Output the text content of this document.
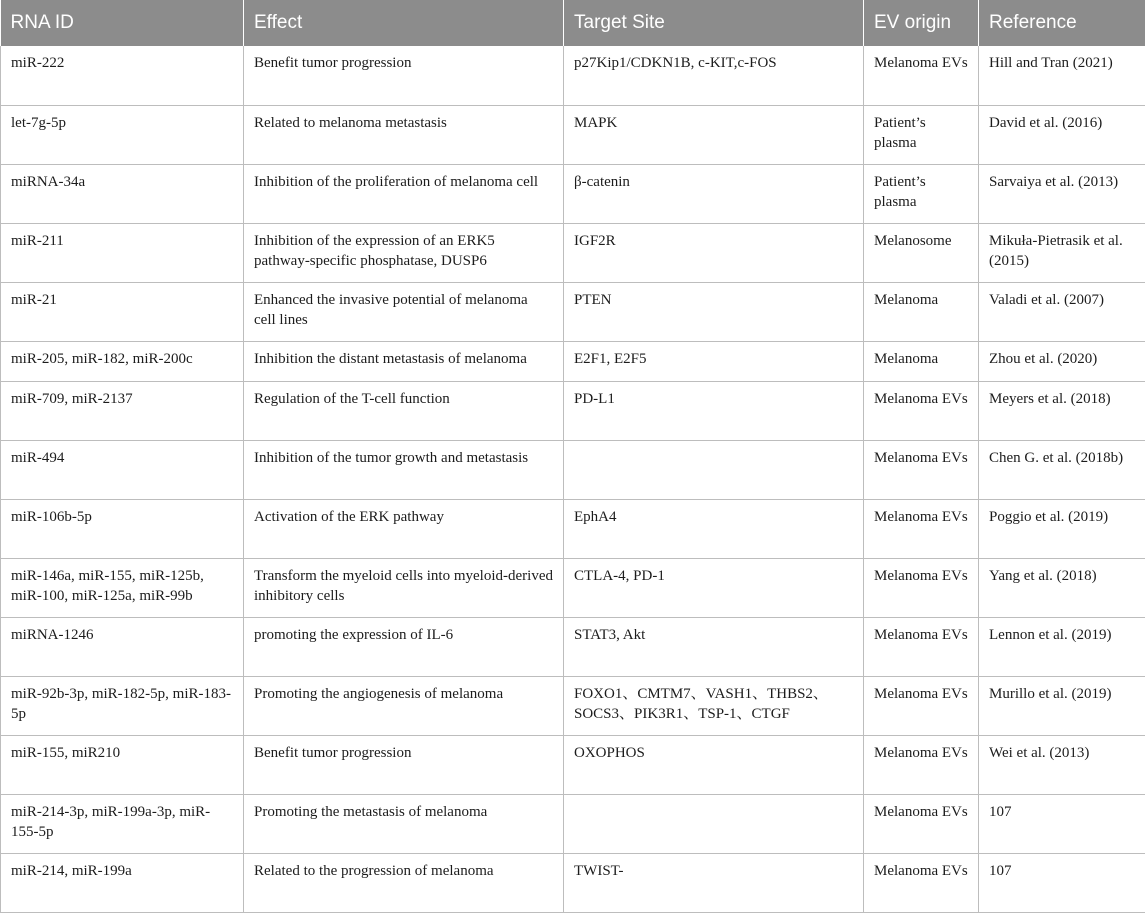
RNA ID	Effect	Target Site	EV origin	Reference
miR-222	Benefit tumor progression	p27Kip1/CDKN1B, c-KIT,c-FOS	Melanoma EVs	Hill and Tran (2021)
let-7g-5p	Related to melanoma metastasis	MAPK	Patient’s plasma	David et al. (2016)
miRNA-34a	Inhibition of the proliferation of melanoma cell	β-catenin	Patient’s plasma	Sarvaiya et al. (2013)
miR-211	Inhibition of the expression of an ERK5 pathway-specific phosphatase, DUSP6	IGF2R	Melanosome	Mikuła-Pietrasik et al. (2015)
miR-21	Enhanced the invasive potential of melanoma cell lines	PTEN	Melanoma	Valadi et al. (2007)
miR-205, miR-182, miR-200c	Inhibition the distant metastasis of melanoma	E2F1, E2F5	Melanoma	Zhou et al. (2020)
miR-709, miR-2137	Regulation of the T-cell function	PD-L1	Melanoma EVs	Meyers et al. (2018)
miR-494	Inhibition of the tumor growth and metastasis		Melanoma EVs	Chen G. et al. (2018b)
miR-106b-5p	Activation of the ERK pathway	EphA4	Melanoma EVs	Poggio et al. (2019)
miR-146a, miR-155, miR-125b, miR-100, miR-125a, miR-99b	Transform the myeloid cells into myeloid-derived inhibitory cells	CTLA-4, PD-1	Melanoma EVs	Yang et al. (2018)
miRNA-1246	promoting the expression of IL-6	STAT3, Akt	Melanoma EVs	Lennon et al. (2019)
miR-92b-3p, miR-182-5p, miR-183-5p	Promoting the angiogenesis of melanoma	FOXO1、CMTM7、VASH1、THBS2、SOCS3、PIK3R1、TSP-1、CTGF	Melanoma EVs	Murillo et al. (2019)
miR-155, miR210	Benefit tumor progression	OXOPHOS	Melanoma EVs	Wei et al. (2013)
miR-214-3p, miR-199a-3p, miR-155-5p	Promoting the metastasis of melanoma		Melanoma EVs	107
miR-214, miR-199a	Related to the progression of melanoma	TWIST-	Melanoma EVs	107
